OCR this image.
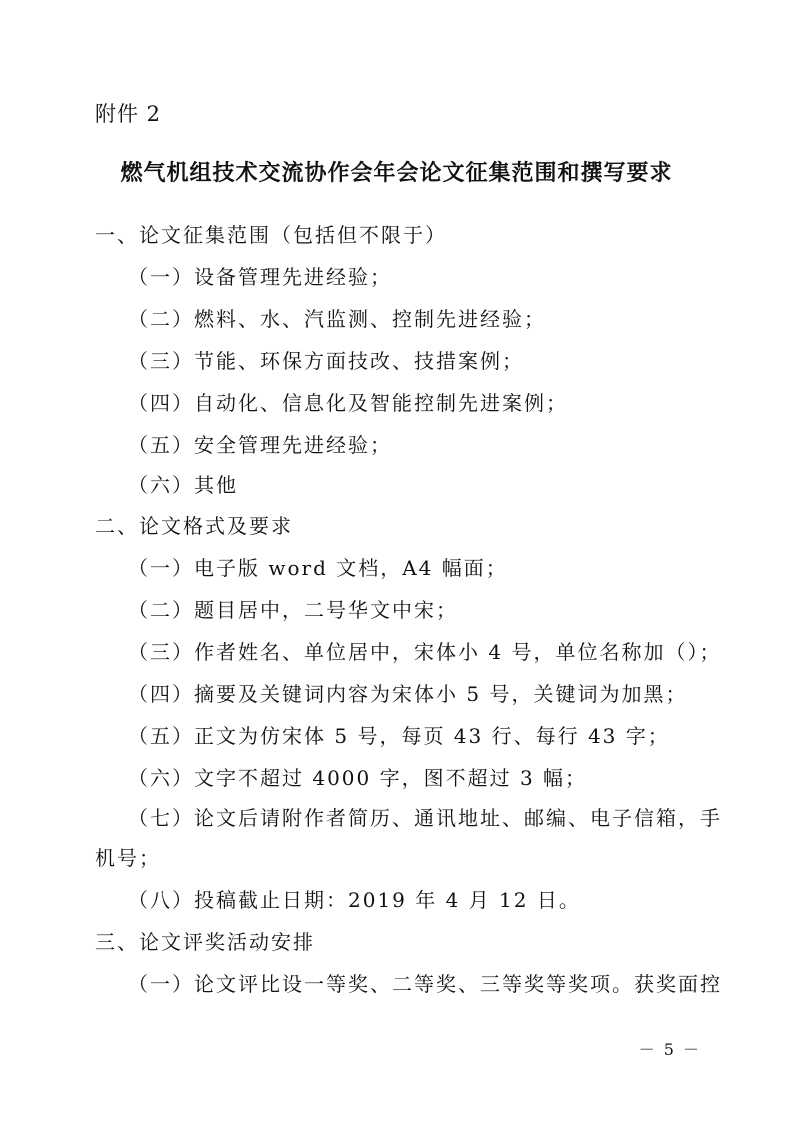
附件 2
燃气机组技术交流协作会年会论文征集范围和撰写要求
一、论文征集范围（包括但不限于）
（一）设备管理先进经验；
（二）燃料、水、汽监测、控制先进经验；
（三）节能、环保方面技改、技措案例；
（四）自动化、信息化及智能控制先进案例；
（五）安全管理先进经验；
（六）其他
二、论文格式及要求
（一）电子版 word 文档，A4 幅面；
（二）题目居中，二号华文中宋；
（三）作者姓名、单位居中，宋体小 4 号，单位名称加（）；
（四）摘要及关键词内容为宋体小 5 号，关键词为加黑；
（五）正文为仿宋体 5 号，每页 43 行、每行 43 字；
（六）文字不超过 4000 字，图不超过 3 幅；
（七）论文后请附作者简历、通讯地址、邮编、电子信箱，手
机号；
（八）投稿截止日期：2019 年 4 月 12 日。
三、论文评奖活动安排
（一）论文评比设一等奖、二等奖、三等奖等奖项。获奖面控
－ 5 －
